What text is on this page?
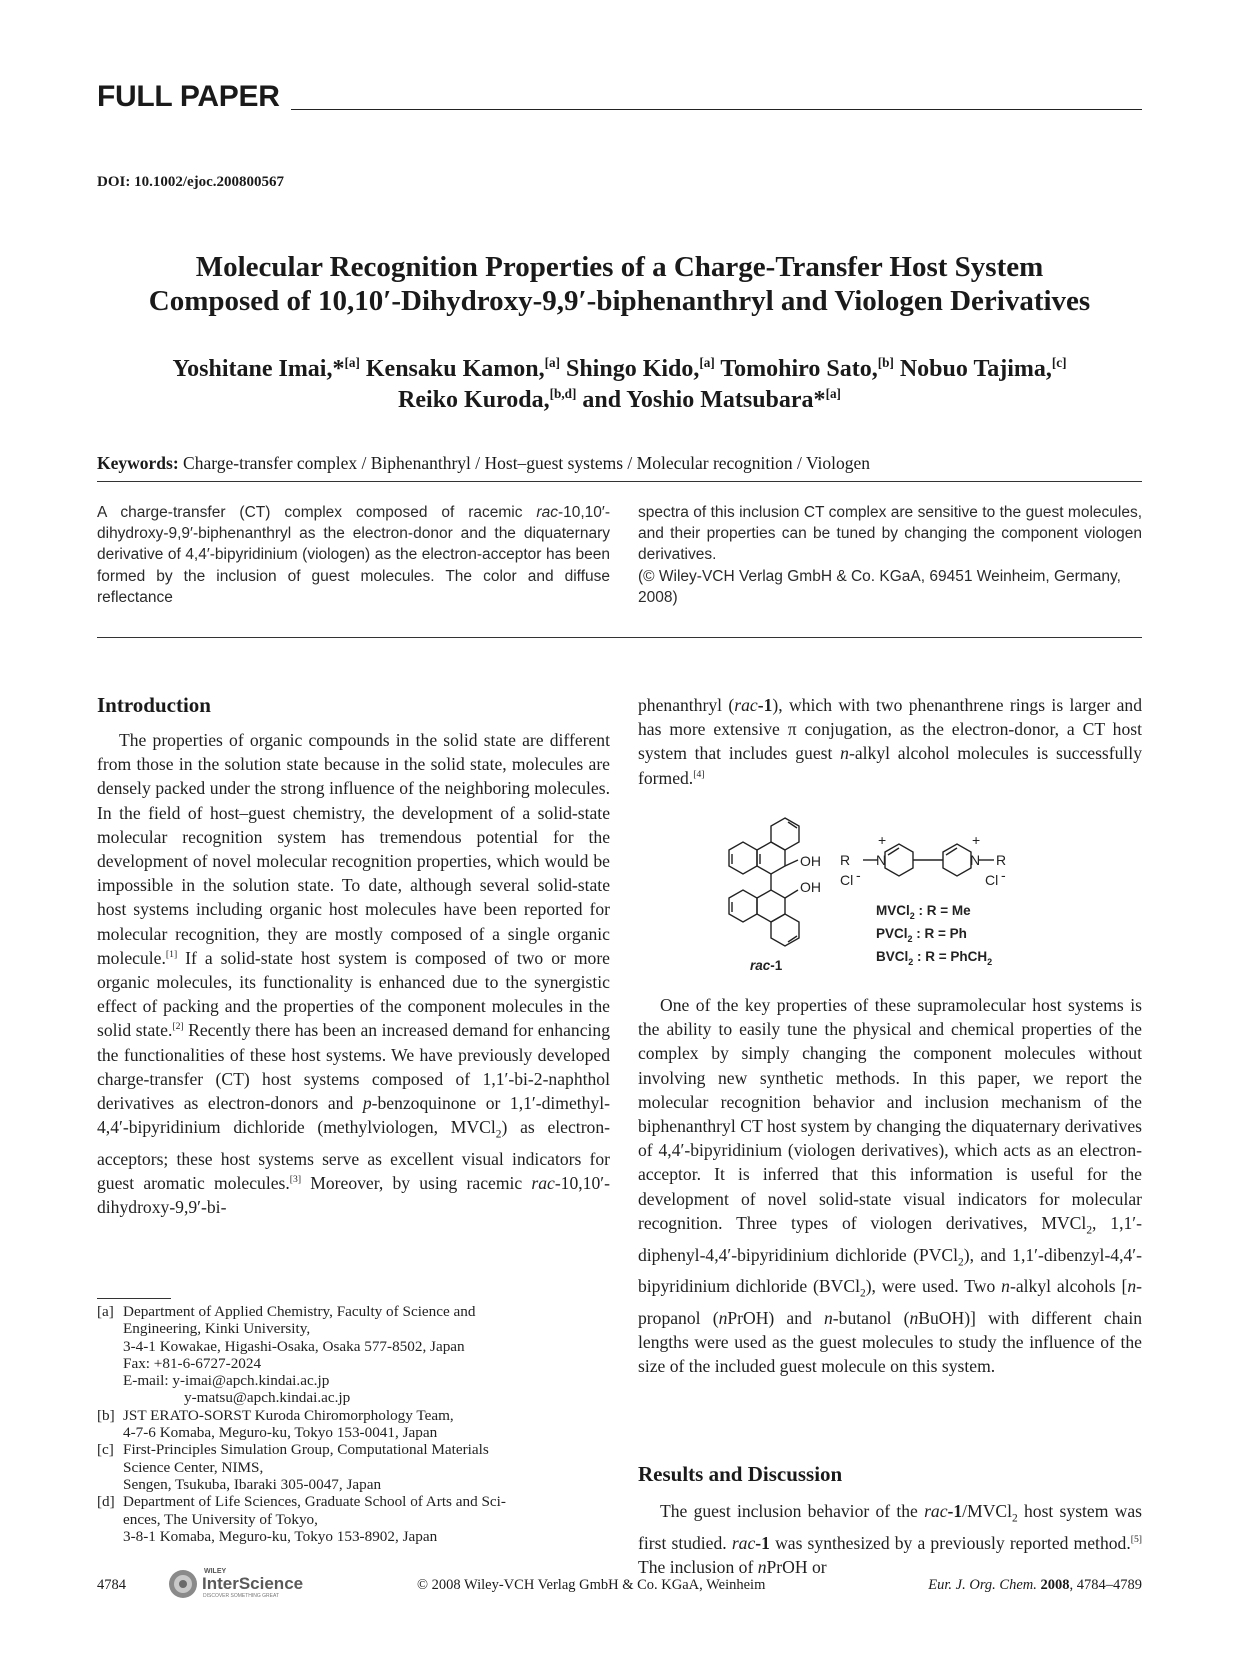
FULL PAPER
DOI: 10.1002/ejoc.200800567
Molecular Recognition Properties of a Charge-Transfer Host System
Composed of 10,10′-Dihydroxy-9,9′-biphenanthryl and Viologen Derivatives
Yoshitane Imai,*[a] Kensaku Kamon,[a] Shingo Kido,[a] Tomohiro Sato,[b] Nobuo Tajima,[c]
Reiko Kuroda,[b,d] and Yoshio Matsubara*[a]
Keywords: Charge-transfer complex / Biphenanthryl / Host–guest systems / Molecular recognition / Viologen
A charge-transfer (CT) complex composed of racemic rac-10,10′-dihydroxy-9,9′-biphenanthryl as the electron-donor and the diquaternary derivative of 4,4′-bipyridinium (viologen) as the electron-acceptor has been formed by the inclusion of guest molecules. The color and diffuse reflectance
spectra of this inclusion CT complex are sensitive to the guest molecules, and their properties can be tuned by changing the component viologen derivatives.
(© Wiley-VCH Verlag GmbH & Co. KGaA, 69451 Weinheim, Germany, 2008)
Introduction

The properties of organic compounds in the solid state are different from those in the solution state because in the solid state, molecules are densely packed under the strong influence of the neighboring molecules. In the field of host–guest chemistry, the development of a solid-state molecular recognition system has tremendous potential for the development of novel molecular recognition properties, which would be impossible in the solution state. To date, although several solid-state host systems including organic host molecules have been reported for molecular recognition, they are mostly composed of a single organic molecule.[1] If a solid-state host system is composed of two or more organic molecules, its functionality is enhanced due to the synergistic effect of packing and the properties of the component molecules in the solid state.[2] Recently there has been an increased demand for enhancing the functionalities of these host systems. We have previously developed charge-transfer (CT) host systems composed of 1,1′-bi-2-naphthol derivatives as electron-donors and p-benzoquinone or 1,1′-dimethyl-4,4′-bipyridinium dichloride (methylviologen, MVCl$_2$) as electron-acceptors; these host systems serve as excellent visual indicators for guest aromatic molecules.[3] Moreover, by using racemic rac-10,10′-dihydroxy-9,9′-bi-

[a] Department of Applied Chemistry, Faculty of Science and
Engineering, Kinki University,
3-4-1 Kowakae, Higashi-Osaka, Osaka 577-8502, Japan
Fax: +81-6-6727-2024
E-mail: y-imai@apch.kindai.ac.jp
y-matsu@apch.kindai.ac.jp
[b] JST ERATO-SORST Kuroda Chiromorphology Team,
4-7-6 Komaba, Meguro-ku, Tokyo 153-0041, Japan
[c] First-Principles Simulation Group, Computational Materials
Science Center, NIMS,
Sengen, Tsukuba, Ibaraki 305-0047, Japan
[d] Department of Life Sciences, Graduate School of Arts and Sci-
ences, The University of Tokyo,
3-8-1 Komaba, Meguro-ku, Tokyo 153-8902, Japan

phenanthryl (rac-1), which with two phenanthrene rings is larger and has more extensive π conjugation, as the electron-donor, a CT host system that includes guest n-alkyl alcohol molecules is successfully formed.[4]

OH
OH
rac-1
R N
+
Cl -
N
+
R
Cl -
MVCl$_2$ : R = Me
PVCl$_2$ : R = Ph
BVCl$_2$ : R = PhCH$_2$

One of the key properties of these supramolecular host systems is the ability to easily tune the physical and chemical properties of the complex by simply changing the component molecules without involving new synthetic methods. In this paper, we report the molecular recognition behavior and inclusion mechanism of the biphenanthryl CT host system by changing the diquaternary derivatives of 4,4′-bipyridinium (viologen derivatives), which acts as an electron-acceptor. It is inferred that this information is useful for the development of novel solid-state visual indicators for molecular recognition. Three types of viologen derivatives, MVCl$_2$, 1,1′-diphenyl-4,4′-bipyridinium dichloride (PVCl$_2$), and 1,1′-dibenzyl-4,4′-bipyridinium dichloride (BVCl$_2$), were used. Two n-alkyl alcohols [n-propanol (nPrOH) and n-butanol (nBuOH)] with different chain lengths were used as the guest molecules to study the influence of the size of the included guest molecule on this system.

Results and Discussion

The guest inclusion behavior of the rac-1/MVCl$_2$ host system was first studied. rac-1 was synthesized by a previously reported method.[5] The inclusion of nPrOH or

4784
WILEY
InterScience
DISCOVER SOMETHING GREAT
© 2008 Wiley-VCH Verlag GmbH & Co. KGaA, Weinheim	Eur. J. Org. Chem. 2008, 4784–4789
